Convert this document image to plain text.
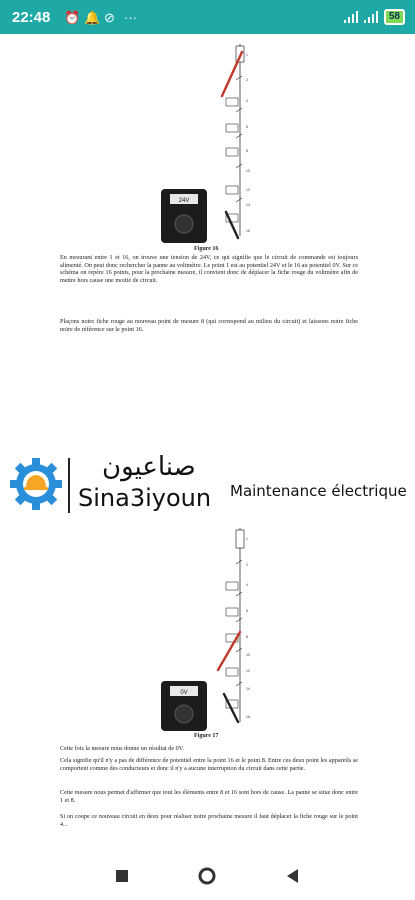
22:48 ⏰ 🔔 ⊘ ···	58
1
2
4
6
8
10
12
14
16
24V
Figure 16
En mesurant entre 1 et 16, on trouve une tension de 24V, ce qui signifie que le circuit de commande est toujours alimenté. On peut donc rechercher la panne au voltmètre. Le point 1 est au potentiel 24V et le 16 au potentiel 0V. Sur ce schéma on repère 16 points, pour la prochaine mesure, il convient donc de déplacer la fiche rouge du voltmètre afin de mettre hors cause une moitié de circuit.
Plaçons notre fiche rouge au nouveau point de mesure 8 (qui correspond au milieu du circuit) et laissons notre fiche noire de référence sur le point 16.
صناعيون
Sina3iyoun Maintenance électrique
1
2
4
6
8
10
12
14
16
0V
Figure 17
Cette fois la mesure nous donne un résultat de 0V.
Cela signifie qu'il n'y a pas de différence de potentiel entre la point 16 et le point 8. Entre ces deux point les appareils se comportent comme des conducteurs et donc il n'y a aucune interruption du circuit dans cette partie.
Cette mesure nous permet d'affirmer que tout les éléments entre 8 et 16 sont hors de cause. La panne se situe donc entre 1 et 8.
Si on coupe ce nouveau circuit en deux pour réaliser notre prochaine mesure il faut déplacer la fiche rouge sur le point 4...
